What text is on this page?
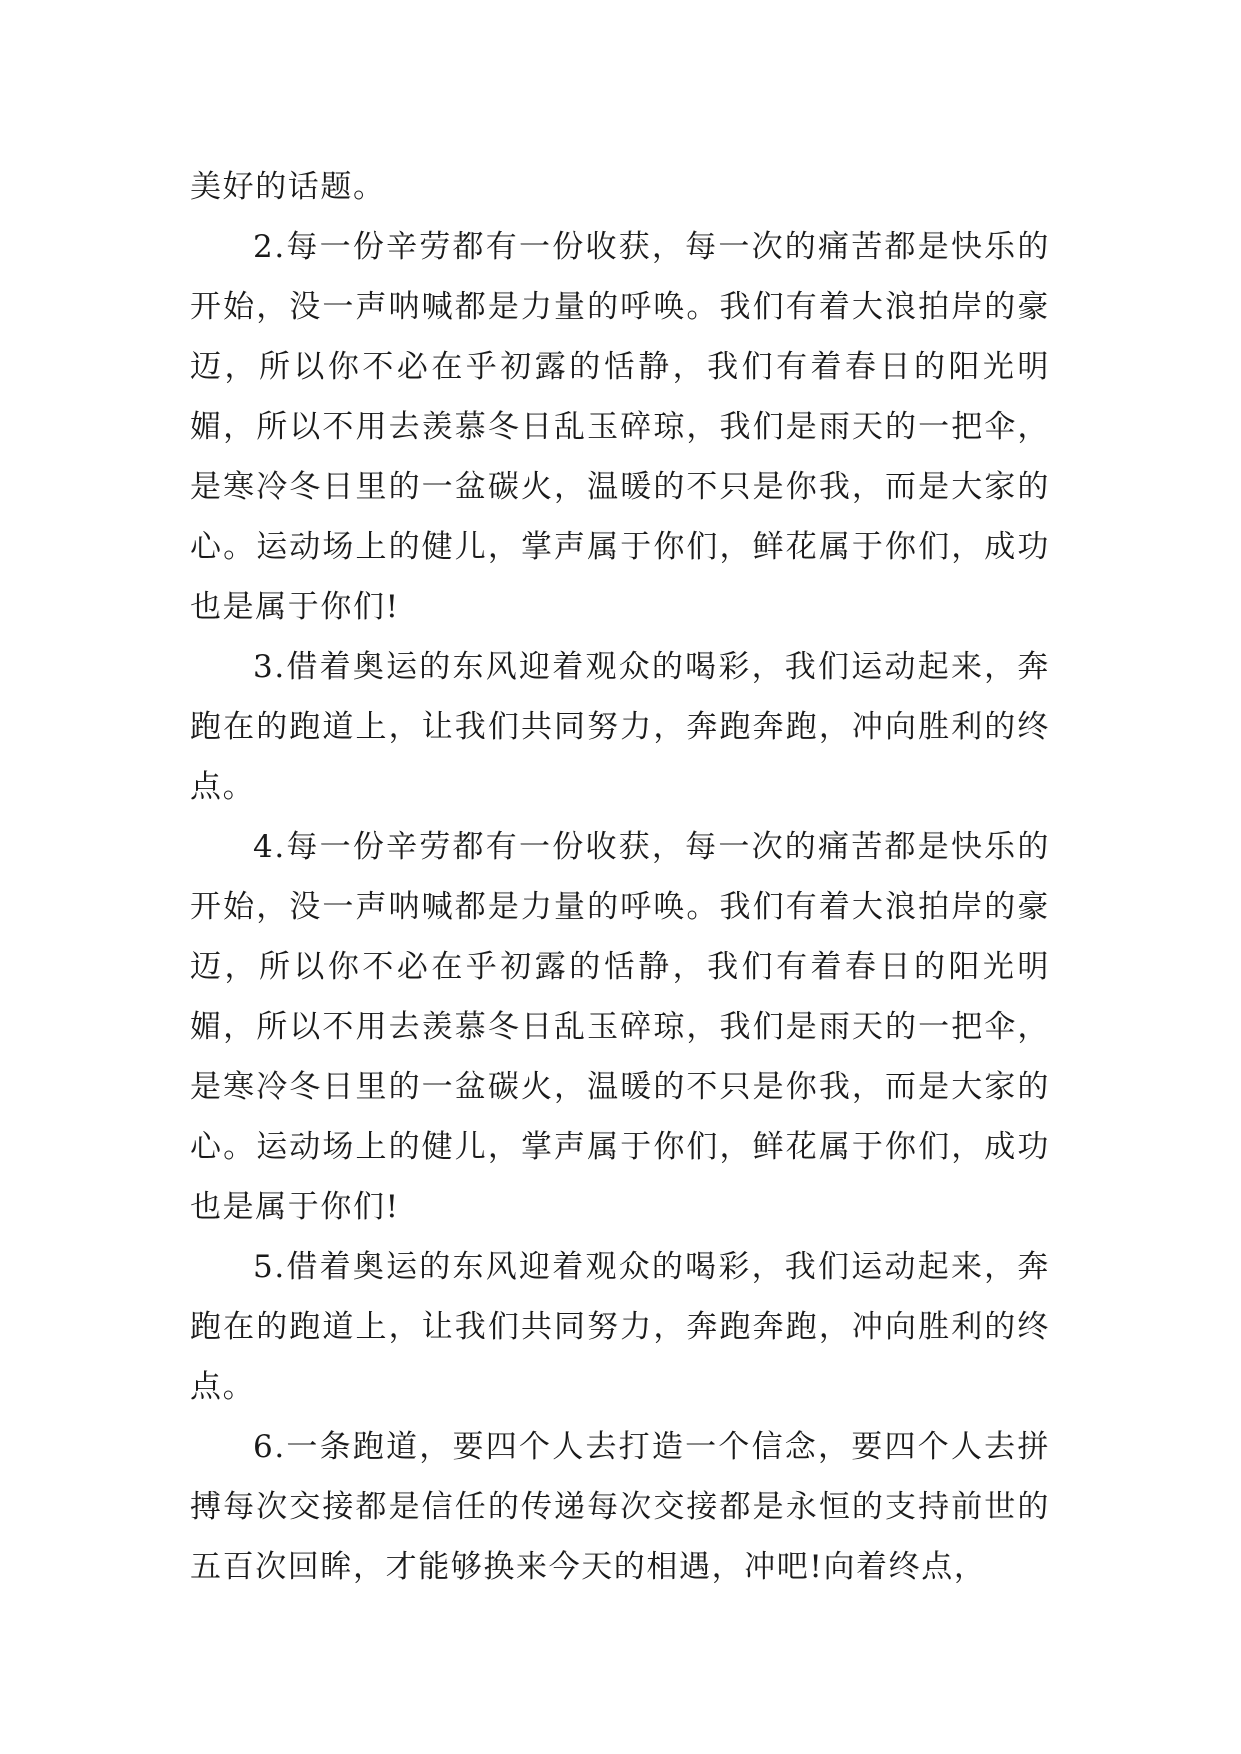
美好的话题。

2.每一份辛劳都有一份收获，每一次的痛苦都是快乐的开始，没一声呐喊都是力量的呼唤。我们有着大浪拍岸的豪迈，所以你不必在乎初露的恬静，我们有着春日的阳光明媚，所以不用去羡慕冬日乱玉碎琼，我们是雨天的一把伞，是寒冷冬日里的一盆碳火，温暖的不只是你我，而是大家的心。运动场上的健儿，掌声属于你们，鲜花属于你们，成功也是属于你们!

3.借着奥运的东风迎着观众的喝彩，我们运动起来，奔跑在的跑道上，让我们共同努力，奔跑奔跑，冲向胜利的终点。

4.每一份辛劳都有一份收获，每一次的痛苦都是快乐的开始，没一声呐喊都是力量的呼唤。我们有着大浪拍岸的豪迈，所以你不必在乎初露的恬静，我们有着春日的阳光明媚，所以不用去羡慕冬日乱玉碎琼，我们是雨天的一把伞，是寒冷冬日里的一盆碳火，温暖的不只是你我，而是大家的心。运动场上的健儿，掌声属于你们，鲜花属于你们，成功也是属于你们!

5.借着奥运的东风迎着观众的喝彩，我们运动起来，奔跑在的跑道上，让我们共同努力，奔跑奔跑，冲向胜利的终点。

6.一条跑道，要四个人去打造一个信念，要四个人去拼搏每次交接都是信任的传递每次交接都是永恒的支持前世的五百次回眸，才能够换来今天的相遇，冲吧!向着终点，
